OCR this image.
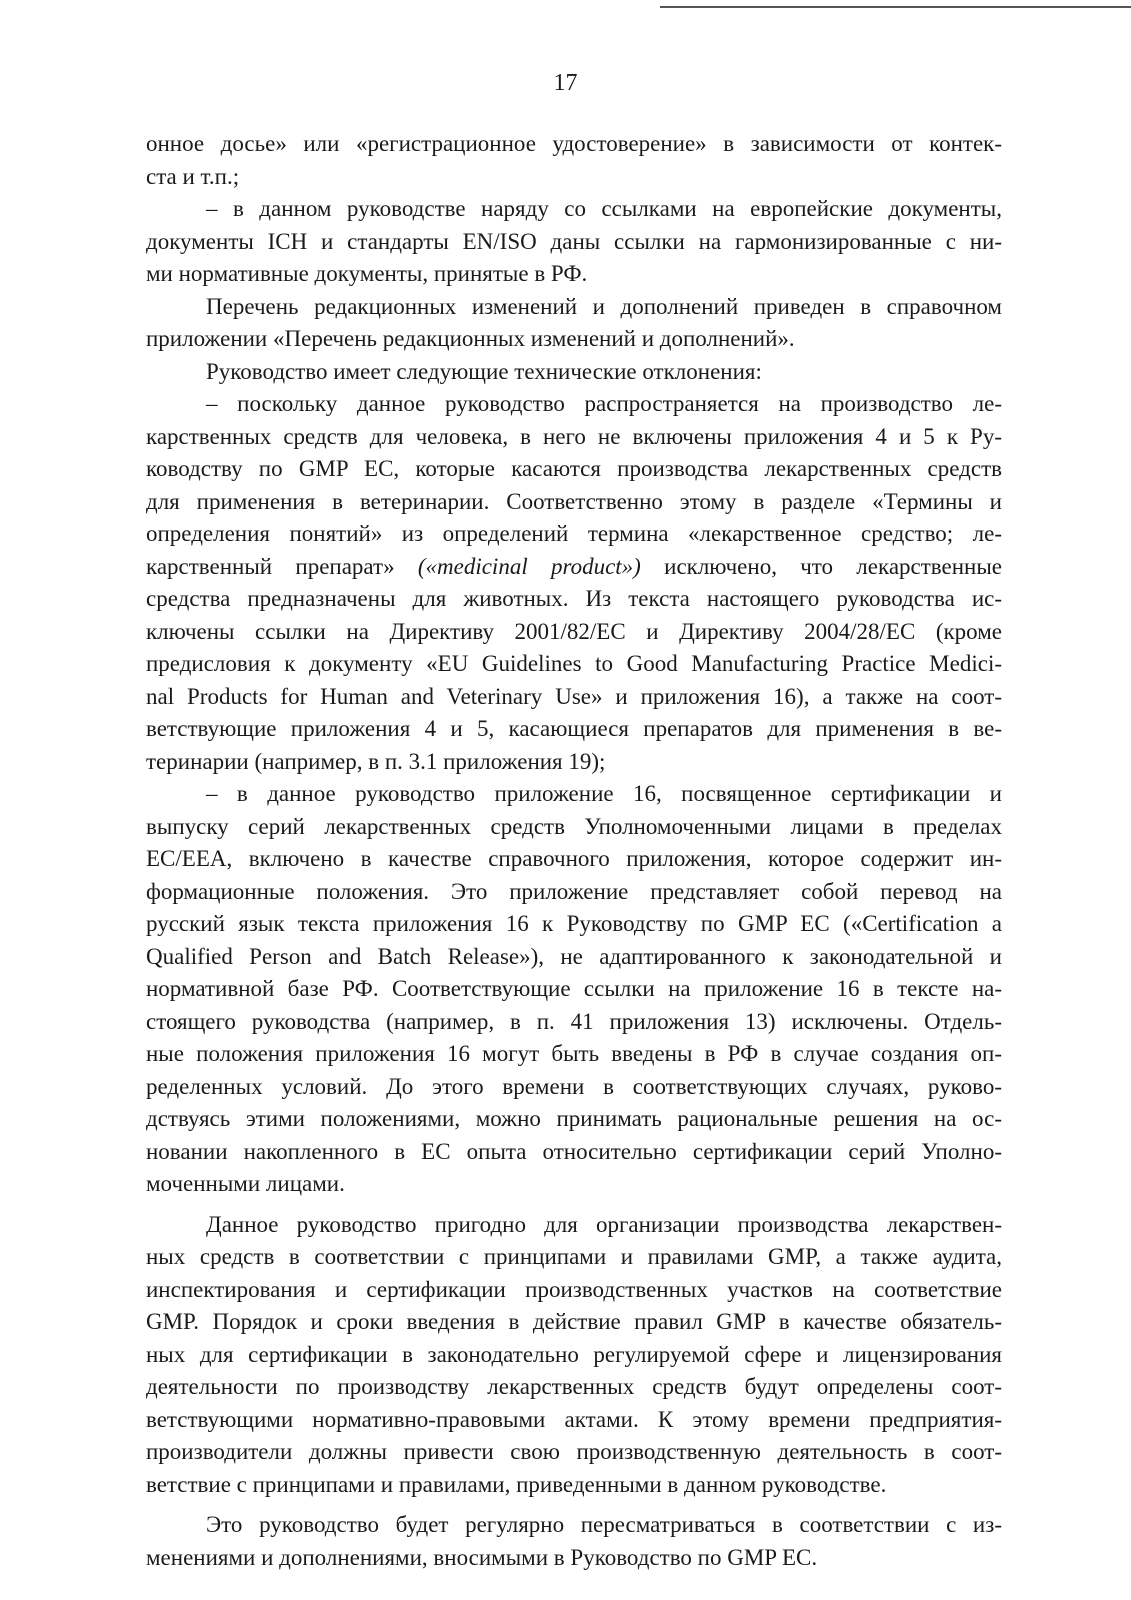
17
онное досье» или «регистрационное удостоверение» в зависимости от контек-
ста и т.п.;
– в данном руководстве наряду со ссылками на европейские документы,
документы ICH и стандарты EN/ISO даны ссылки на гармонизированные с ни-
ми нормативные документы, принятые в РФ.
Перечень редакционных изменений и дополнений приведен в справочном
приложении «Перечень редакционных изменений и дополнений».
Руководство имеет следующие технические отклонения:
– поскольку данное руководство распространяется на производство ле-
карственных средств для человека, в него не включены приложения 4 и 5 к Ру-
ководству по GMP ЕС, которые касаются производства лекарственных средств
для применения в ветеринарии. Соответственно этому в разделе «Термины и
определения понятий» из определений термина «лекарственное средство; ле-
карственный препарат» («medicinal product») исключено, что лекарственные
средства предназначены для животных. Из текста настоящего руководства ис-
ключены ссылки на Директиву 2001/82/ЕС и Директиву 2004/28/ЕС (кроме
предисловия к документу «EU Guidelines to Good Manufacturing Practice Medici-
nal Products for Human and Veterinary Use» и приложения 16), а также на соот-
ветствующие приложения 4 и 5, касающиеся препаратов для применения в ве-
теринарии (например, в п. 3.1 приложения 19);
– в данное руководство приложение 16, посвященное сертификации и
выпуску серий лекарственных средств Уполномоченными лицами в пределах
ЕС/ЕЕА, включено в качестве справочного приложения, которое содержит ин-
формационные положения. Это приложение представляет собой перевод на
русский язык текста приложения 16 к Руководству по GMP ЕС («Certification a
Qualified Person and Batch Release»), не адаптированного к законодательной и
нормативной базе РФ. Соответствующие ссылки на приложение 16 в тексте на-
стоящего руководства (например, в п. 41 приложения 13) исключены. Отдель-
ные положения приложения 16 могут быть введены в РФ в случае создания оп-
ределенных условий. До этого времени в соответствующих случаях, руково-
дствуясь этими положениями, можно принимать рациональные решения на ос-
новании накопленного в ЕС опыта относительно сертификации серий Уполно-
моченными лицами.
Данное руководство пригодно для организации производства лекарствен-
ных средств в соответствии с принципами и правилами GMP, а также аудита,
инспектирования и сертификации производственных участков на соответствие
GMP. Порядок и сроки введения в действие правил GMP в качестве обязатель-
ных для сертификации в законодательно регулируемой сфере и лицензирования
деятельности по производству лекарственных средств будут определены соот-
ветствующими нормативно-правовыми актами. К этому времени предприятия-
производители должны привести свою производственную деятельность в соот-
ветствие с принципами и правилами, приведенными в данном руководстве.
Это руководство будет регулярно пересматриваться в соответствии с из-
менениями и дополнениями, вносимыми в Руководство по GMP ЕС.
